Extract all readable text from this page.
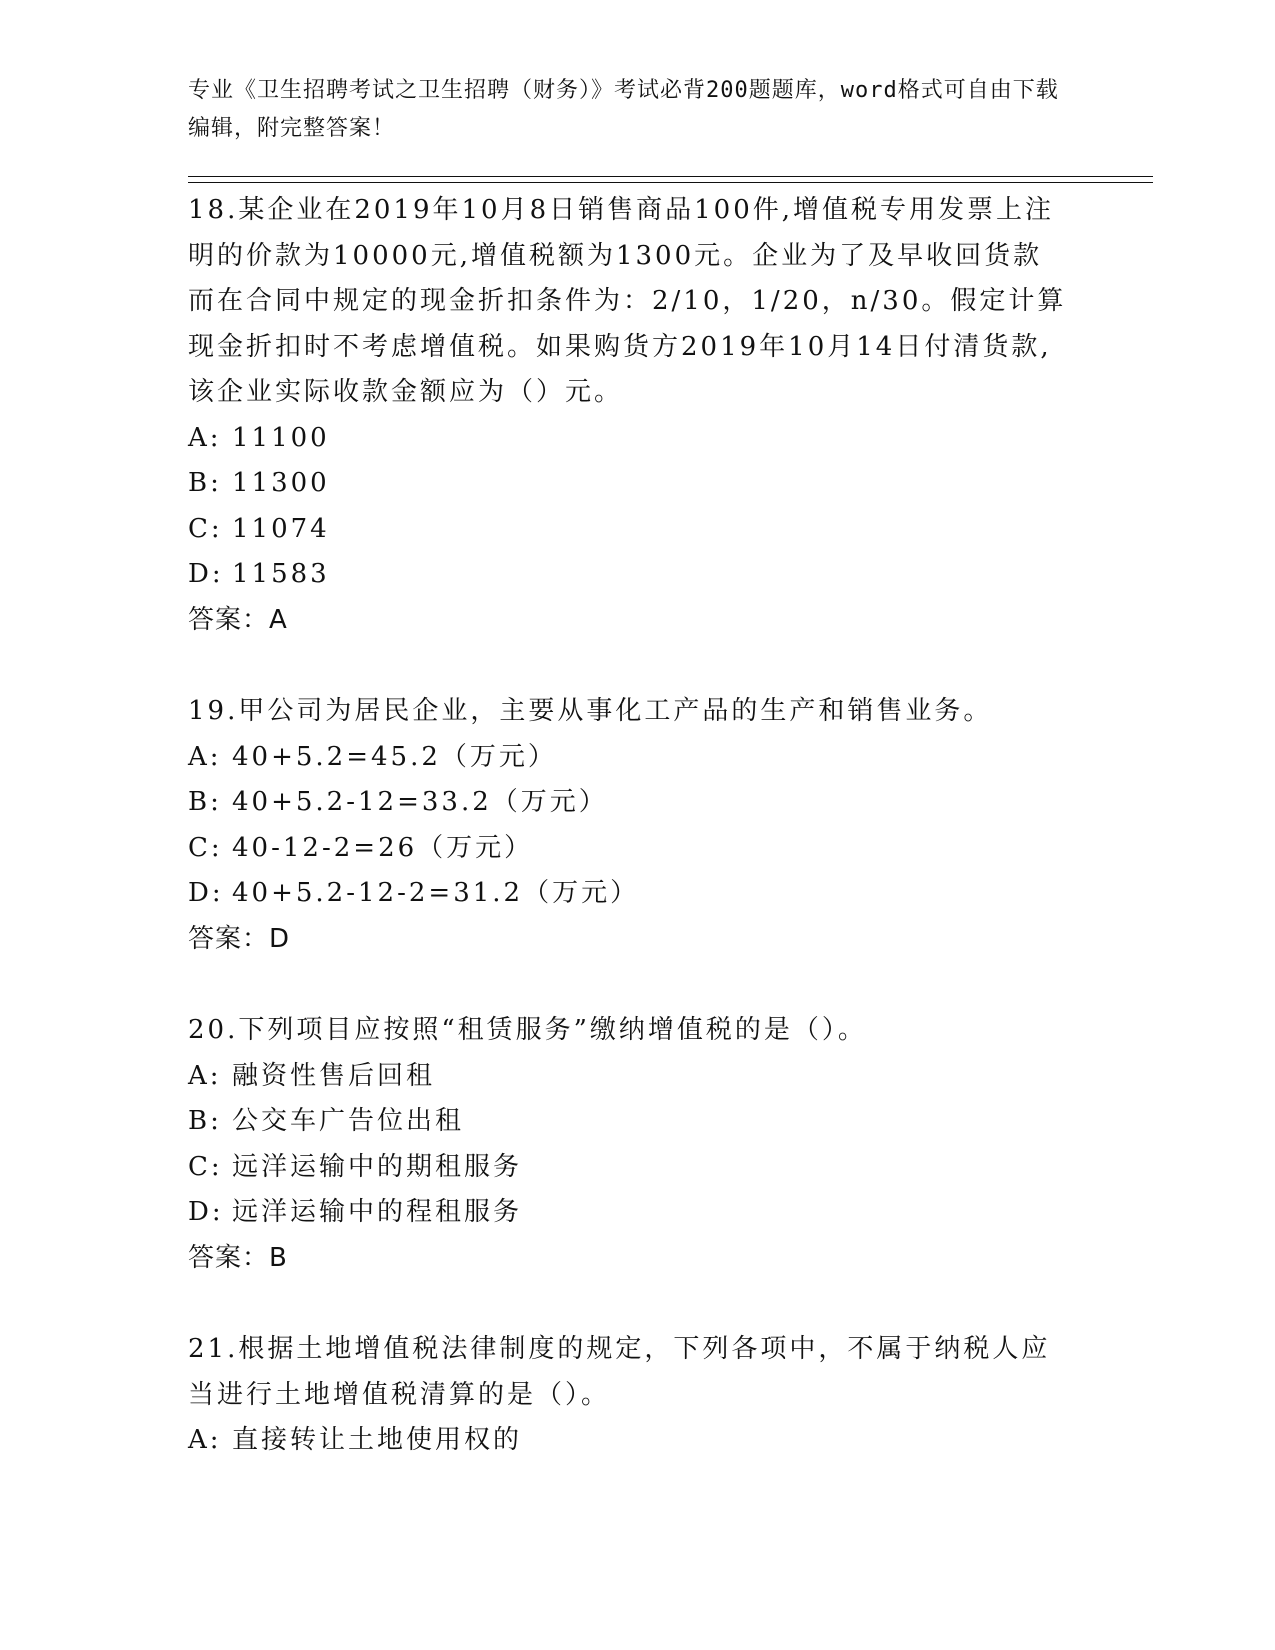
专业《卫生招聘考试之卫生招聘（财务）》考试必背200题题库，word格式可自由下载编辑，附完整答案！

18.某企业在2019年10月8日销售商品100件,增值税专用发票上注明的价款为10000元,增值税额为1300元。企业为了及早收回货款而在合同中规定的现金折扣条件为：2/10，1/20，n/30。假定计算现金折扣时不考虑增值税。如果购货方2019年10月14日付清货款,该企业实际收款金额应为（）元。

A: 11100

B: 11300

C: 11074

D: 11583

答案：A

19.甲公司为居民企业，主要从事化工产品的生产和销售业务。

A: 40+5.2=45.2（万元）

B: 40+5.2-12=33.2（万元）

C: 40-12-2=26（万元）

D: 40+5.2-12-2=31.2（万元）

答案：D

20.下列项目应按照“租赁服务”缴纳增值税的是（）。

A: 融资性售后回租

B: 公交车广告位出租

C: 远洋运输中的期租服务

D: 远洋运输中的程租服务

答案：B

21.根据土地增值税法律制度的规定，下列各项中，不属于纳税人应当进行土地增值税清算的是（）。

A: 直接转让土地使用权的
